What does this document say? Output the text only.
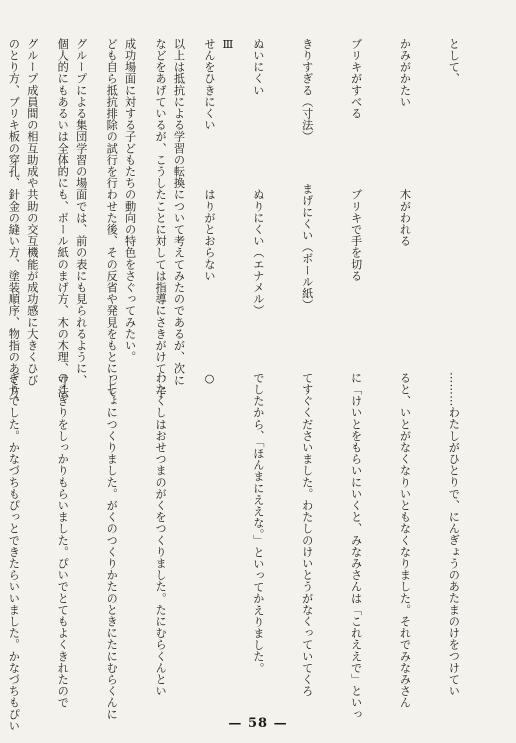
として、

かみがかたい　　　　　　　木がわれる

ブリキがすべる　　　　　　ブリキで手を切る

きりすぎる（寸法）　　　　まげにくい（ボール紙）

ぬいにくい　　　　　　　　ぬりにくい（エナメル）

せんをひきにくい　　　　　はりがとおらない

などをあげているが、こうしたことに対しては指導にさきがけて、子

ども自ら抵抗排除の試行を行わせた後、その反省や発見をもとにして

個人的にもあるいは全体的にも、ボール紙のまげ方、木の木理、寸法

のとり方、ブリキ板の穿孔、針金の縫い方、塗装順序、物指のあて方、

	Ⅲ

以上は抵抗による学習の転換について考えてみたのであるが、次に

成功場面に対する子どもたちの動向の特色をさぐってみたい。

グループによる集団学習の場面では、前の表にも見られるように、

グループ成員間の相互助成や共助の交互機能が成功感に大きくひび

………わたしがひとりで、にんぎょうのあたまのけをつけてい

ると、いとがなくなりいともなくなりました。それでみなみさん

に「けいとをもらいにいくと、みなみさんは「これええで」といっ

てすぐくださいました。わたしのけいとうがなくっていてくろ

でしたから、「ほんまにええな。」といってかえりました。

○

わたくしはおせつまのがくをつくりました。たにむらくんとい

っしょにつくりました。がくのつくりかたのときにたにむらくんに

のこぎりをしっかりもらいました。ぴいでとてもよくきれたので

ぎりでした。かなづちもぴっとできたらいいました。かなづちもぴい

	— 58 —
